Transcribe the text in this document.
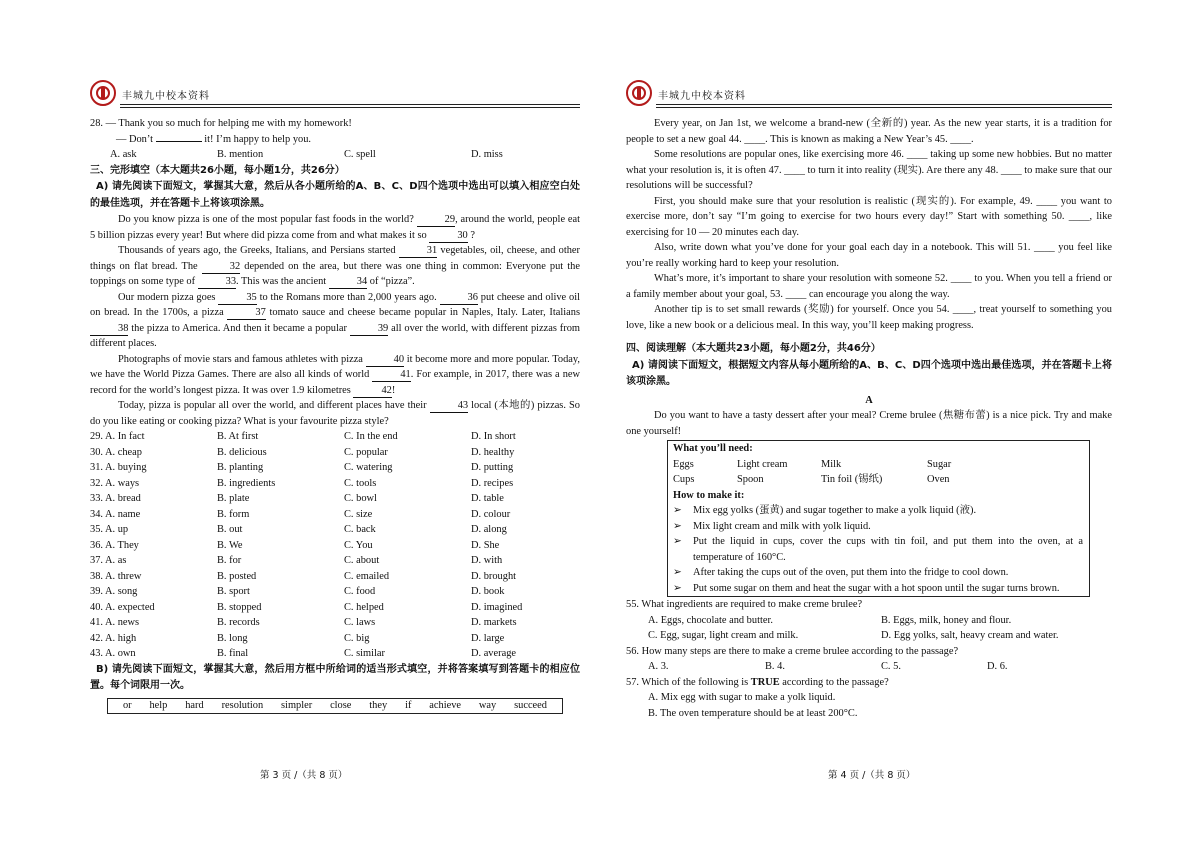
丰城九中校本资料

28. — Thank you so much for helping me with my homework!

— Don’t	it! I’m happy to help you.

A. ask	B. mention	C. spell	D. miss

三、完形填空（本大题共26小题，每小题1分，共26分）

A) 请先阅读下面短文，掌握其大意，然后从各小题所给的A、B、C、D四个选项中选出可以填入相应空白处的最佳选项，并在答题卡上将该项涂黑。

Do you know pizza is one of the most popular fast foods in the world?	29, around the world, people eat 5 billion pizzas every year! But where did pizza come from and what makes it so	30 ?

Thousands of years ago, the Greeks, Italians, and Persians started	31 vegetables, oil, cheese, and other things on flat bread. The	32 depended on the area, but there was one thing in common: Everyone put the toppings on some type of	33. This was the ancient	34 of “pizza”.

Our modern pizza goes	35 to the Romans more than 2,000 years ago.	36 put cheese and olive oil on bread. In the 1700s, a pizza	37 tomato sauce and cheese became popular in Naples, Italy. Later, Italians 38 the pizza to America. And then it became a popular	39 all over the world, with different pizzas from different places.

Photographs of movie stars and famous athletes with pizza	40 it become more and more popular. Today, we have the World Pizza Games. There are also all kinds of world	41. For example, in 2017, there was a new record for the world’s longest pizza. It was over 1.9 kilometres	42!

Today, pizza is popular all over the world, and different places have their	43 local (本地的) pizzas. So do you like eating or cooking pizza? What is your favourite pizza style?

29. A. In fact	B. At first	C. In the end	D. In short
30. A. cheap	B. delicious	C. popular	D. healthy
31. A. buying	B. planting	C. watering	D. putting
32. A. ways	B. ingredients	C. tools	D. recipes
33. A. bread	B. plate	C. bowl	D. table
34. A. name	B. form	C. size	D. colour
35. A. up	B. out	C. back	D. along
36. A. They	B. We	C. You	D. She
37. A. as	B. for	C. about	D. with
38. A. threw	B. posted	C. emailed	D. brought
39. A. song	B. sport	C. food	D. book
40. A. expected	B. stopped	C. helped	D. imagined
41. A. news	B. records	C. laws	D. markets
42. A. high	B. long	C. big	D. large
43. A. own	B. final	C. similar	D. average

B) 请先阅读下面短文，掌握其大意，然后用方框中所给词的适当形式填空，并将答案填写到答题卡的相应位置。每个词限用一次。

or help hard resolution simpler close they if achieve way succeed
第 3 页 /（共 8 页）
丰城九中校本资料

Every year, on Jan 1st, we welcome a brand-new (全新的) year. As the new year starts, it is a tradition for people to set a new goal 44. ____. This is known as making a New Year’s 45. ____.

Some resolutions are popular ones, like exercising more 46. ____ taking up some new hobbies. But no matter what your resolution is, it is often 47. ____ to turn it into reality (现实). Are there any 48. ____ to make sure that our resolutions will be successful?

First, you should make sure that your resolution is realistic (现实的). For example, 49. ____ you want to exercise more, don’t say “I’m going to exercise for two hours every day!” Start with something 50. ____, like exercising for 10 — 20 minutes each day.

Also, write down what you’ve done for your goal each day in a notebook. This will 51. ____ you feel like you’re really working hard to keep your resolution.

What’s more, it’s important to share your resolution with someone 52. ____ to you. When you tell a friend or a family member about your goal, 53. ____ can encourage you along the way.

Another tip is to set small rewards (奖励) for yourself. Once you 54. ____, treat yourself to something you love, like a new book or a delicious meal. In this way, you’ll keep making progress.

四、阅读理解（本大题共23小题，每小题2分，共46分）

A) 请阅读下面短文，根据短文内容从每小题所给的A、B、C、D四个选项中选出最佳选项，并在答题卡上将该项涂黑。

A

Do you want to have a tasty dessert after your meal? Creme brulee (焦糖布蕾) is a nice pick. Try and make one yourself!

What you’ll need:
Eggs	Light cream	Milk	Sugar
Cups	Spoon	Tin foil (锡纸)	Oven
How to make it:
➢	Mix egg yolks (蛋黄) and sugar together to make a yolk liquid (液).
➢	Mix light cream and milk with yolk liquid.
➢	Put the liquid in cups, cover the cups with tin foil, and put them into the oven, at a temperature of 160°C.
➢	After taking the cups out of the oven, put them into the fridge to cool down.
➢	Put some sugar on them and heat the sugar with a hot spoon until the sugar turns brown.

55. What ingredients are required to make creme brulee?

A. Eggs, chocolate and butter.	B. Eggs, milk, honey and flour.
C. Egg, sugar, light cream and milk.	D. Egg yolks, salt, heavy cream and water.

56. How many steps are there to make a creme brulee according to the passage?

A. 3.	B. 4.	C. 5.	D. 6.

57. Which of the following is TRUE according to the passage?

A. Mix egg with sugar to make a yolk liquid.
B. The oven temperature should be at least 200°C.
第 4 页 /（共 8 页）
